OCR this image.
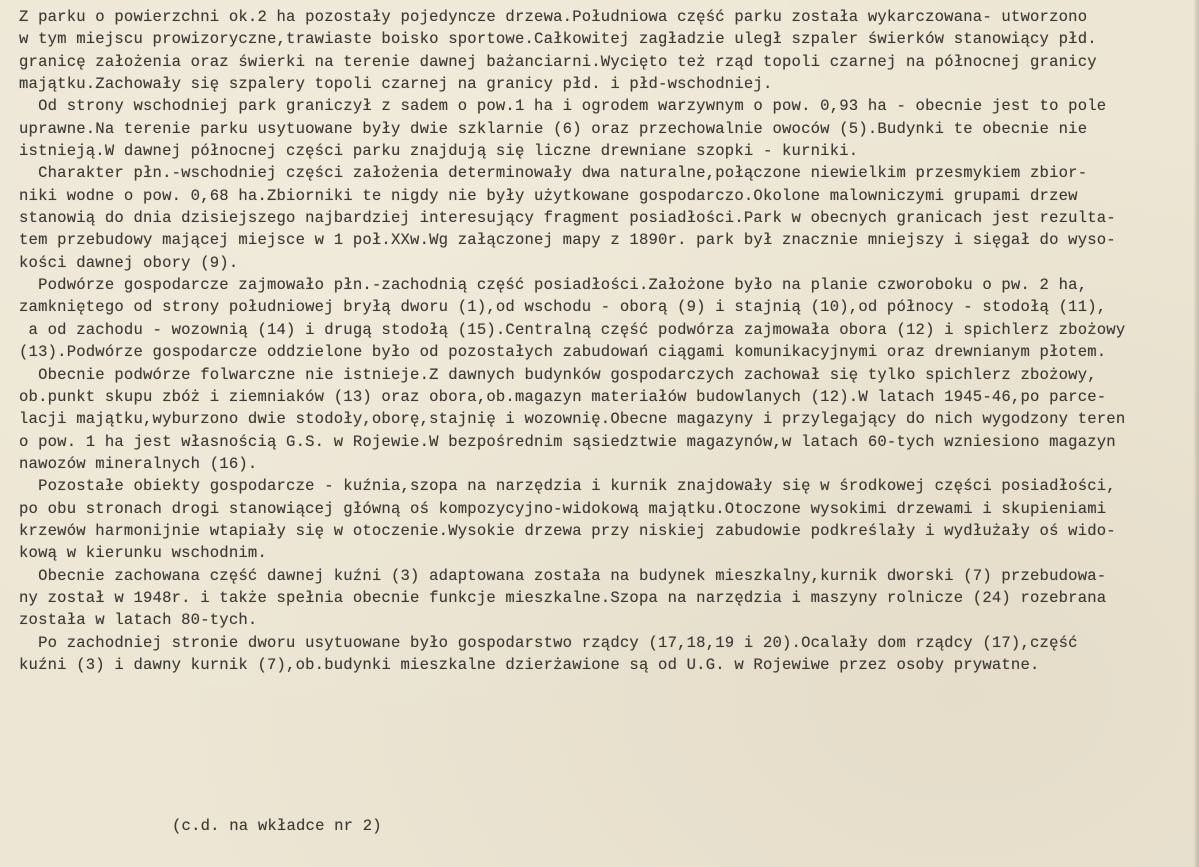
Z parku o powierzchni ok.2 ha pozostały pojedyncze drzewa.Południowa część parku została wykarczowana- utworzono
w tym miejscu prowizoryczne,trawiaste boisko sportowe.Całkowitej zagładzie uległ szpaler świerków stanowiący płd.
granicę założenia oraz świerki na terenie dawnej bażanciarni.Wycięto też rząd topoli czarnej na północnej granicy
majątku.Zachowały się szpalery topoli czarnej na granicy płd. i płd-wschodniej.
Od strony wschodniej park graniczył z sadem o pow.1 ha i ogrodem warzywnym o pow. 0,93 ha - obecnie jest to pole
uprawne.Na terenie parku usytuowane były dwie szklarnie (6) oraz przechowalnie owoców (5).Budynki te obecnie nie
istnieją.W dawnej północnej części parku znajdują się liczne drewniane szopki - kurniki.
Charakter płn.-wschodniej części założenia determinowały dwa naturalne,połączone niewielkim przesmykiem zbior-
niki wodne o pow. 0,68 ha.Zbiorniki te nigdy nie były użytkowane gospodarczo.Okolone malowniczymi grupami drzew
stanowią do dnia dzisiejszego najbardziej interesujący fragment posiadłości.Park w obecnych granicach jest rezulta-
tem przebudowy mającej miejsce w 1 poł.XXw.Wg załączonej mapy z 1890r. park był znacznie mniejszy i sięgał do wyso-
kości dawnej obory (9).
Podwórze gospodarcze zajmowało płn.-zachodnią część posiadłości.Założone było na planie czworoboku o pw. 2 ha,
zamkniętego od strony południowej bryłą dworu (1),od wschodu - oborą (9) i stajnią (10),od północy - stodołą (11),
a od zachodu - wozownią (14) i drugą stodołą (15).Centralną część podwórza zajmowała obora (12) i spichlerz zbożowy
(13).Podwórze gospodarcze oddzielone było od pozostałych zabudowań ciągami komunikacyjnymi oraz drewnianym płotem.
Obecnie podwórze folwarczne nie istnieje.Z dawnych budynków gospodarczych zachował się tylko spichlerz zbożowy,
ob.punkt skupu zbóż i ziemniaków (13) oraz obora,ob.magazyn materiałów budowlanych (12).W latach 1945-46,po parce-
lacji majątku,wyburzono dwie stodoły,oborę,stajnię i wozownię.Obecne magazyny i przylegający do nich wygodzony teren
o pow. 1 ha jest własnością G.S. w Rojewie.W bezpośrednim sąsiedztwie magazynów,w latach 60-tych wzniesiono magazyn
nawozów mineralnych (16).
Pozostałe obiekty gospodarcze - kuźnia,szopa na narzędzia i kurnik znajdowały się w środkowej części posiadłości,
po obu stronach drogi stanowiącej główną oś kompozycyjno-widokową majątku.Otoczone wysokimi drzewami i skupieniami
krzewów harmonijnie wtapiały się w otoczenie.Wysokie drzewa przy niskiej zabudowie podkreślały i wydłużały oś wido-
kową w kierunku wschodnim.
Obecnie zachowana część dawnej kuźni (3) adaptowana została na budynek mieszkalny,kurnik dworski (7) przebudowa-
ny został w 1948r. i także spełnia obecnie funkcje mieszkalne.Szopa na narzędzia i maszyny rolnicze (24) rozebrana
została w latach 80-tych.
Po zachodniej stronie dworu usytuowane było gospodarstwo rządcy (17,18,19 i 20).Ocalały dom rządcy (17),część
kuźni (3) i dawny kurnik (7),ob.budynki mieszkalne dzierżawione są od U.G. w Rojewiwe przez osoby prywatne.
(c.d. na wkładce nr 2)
